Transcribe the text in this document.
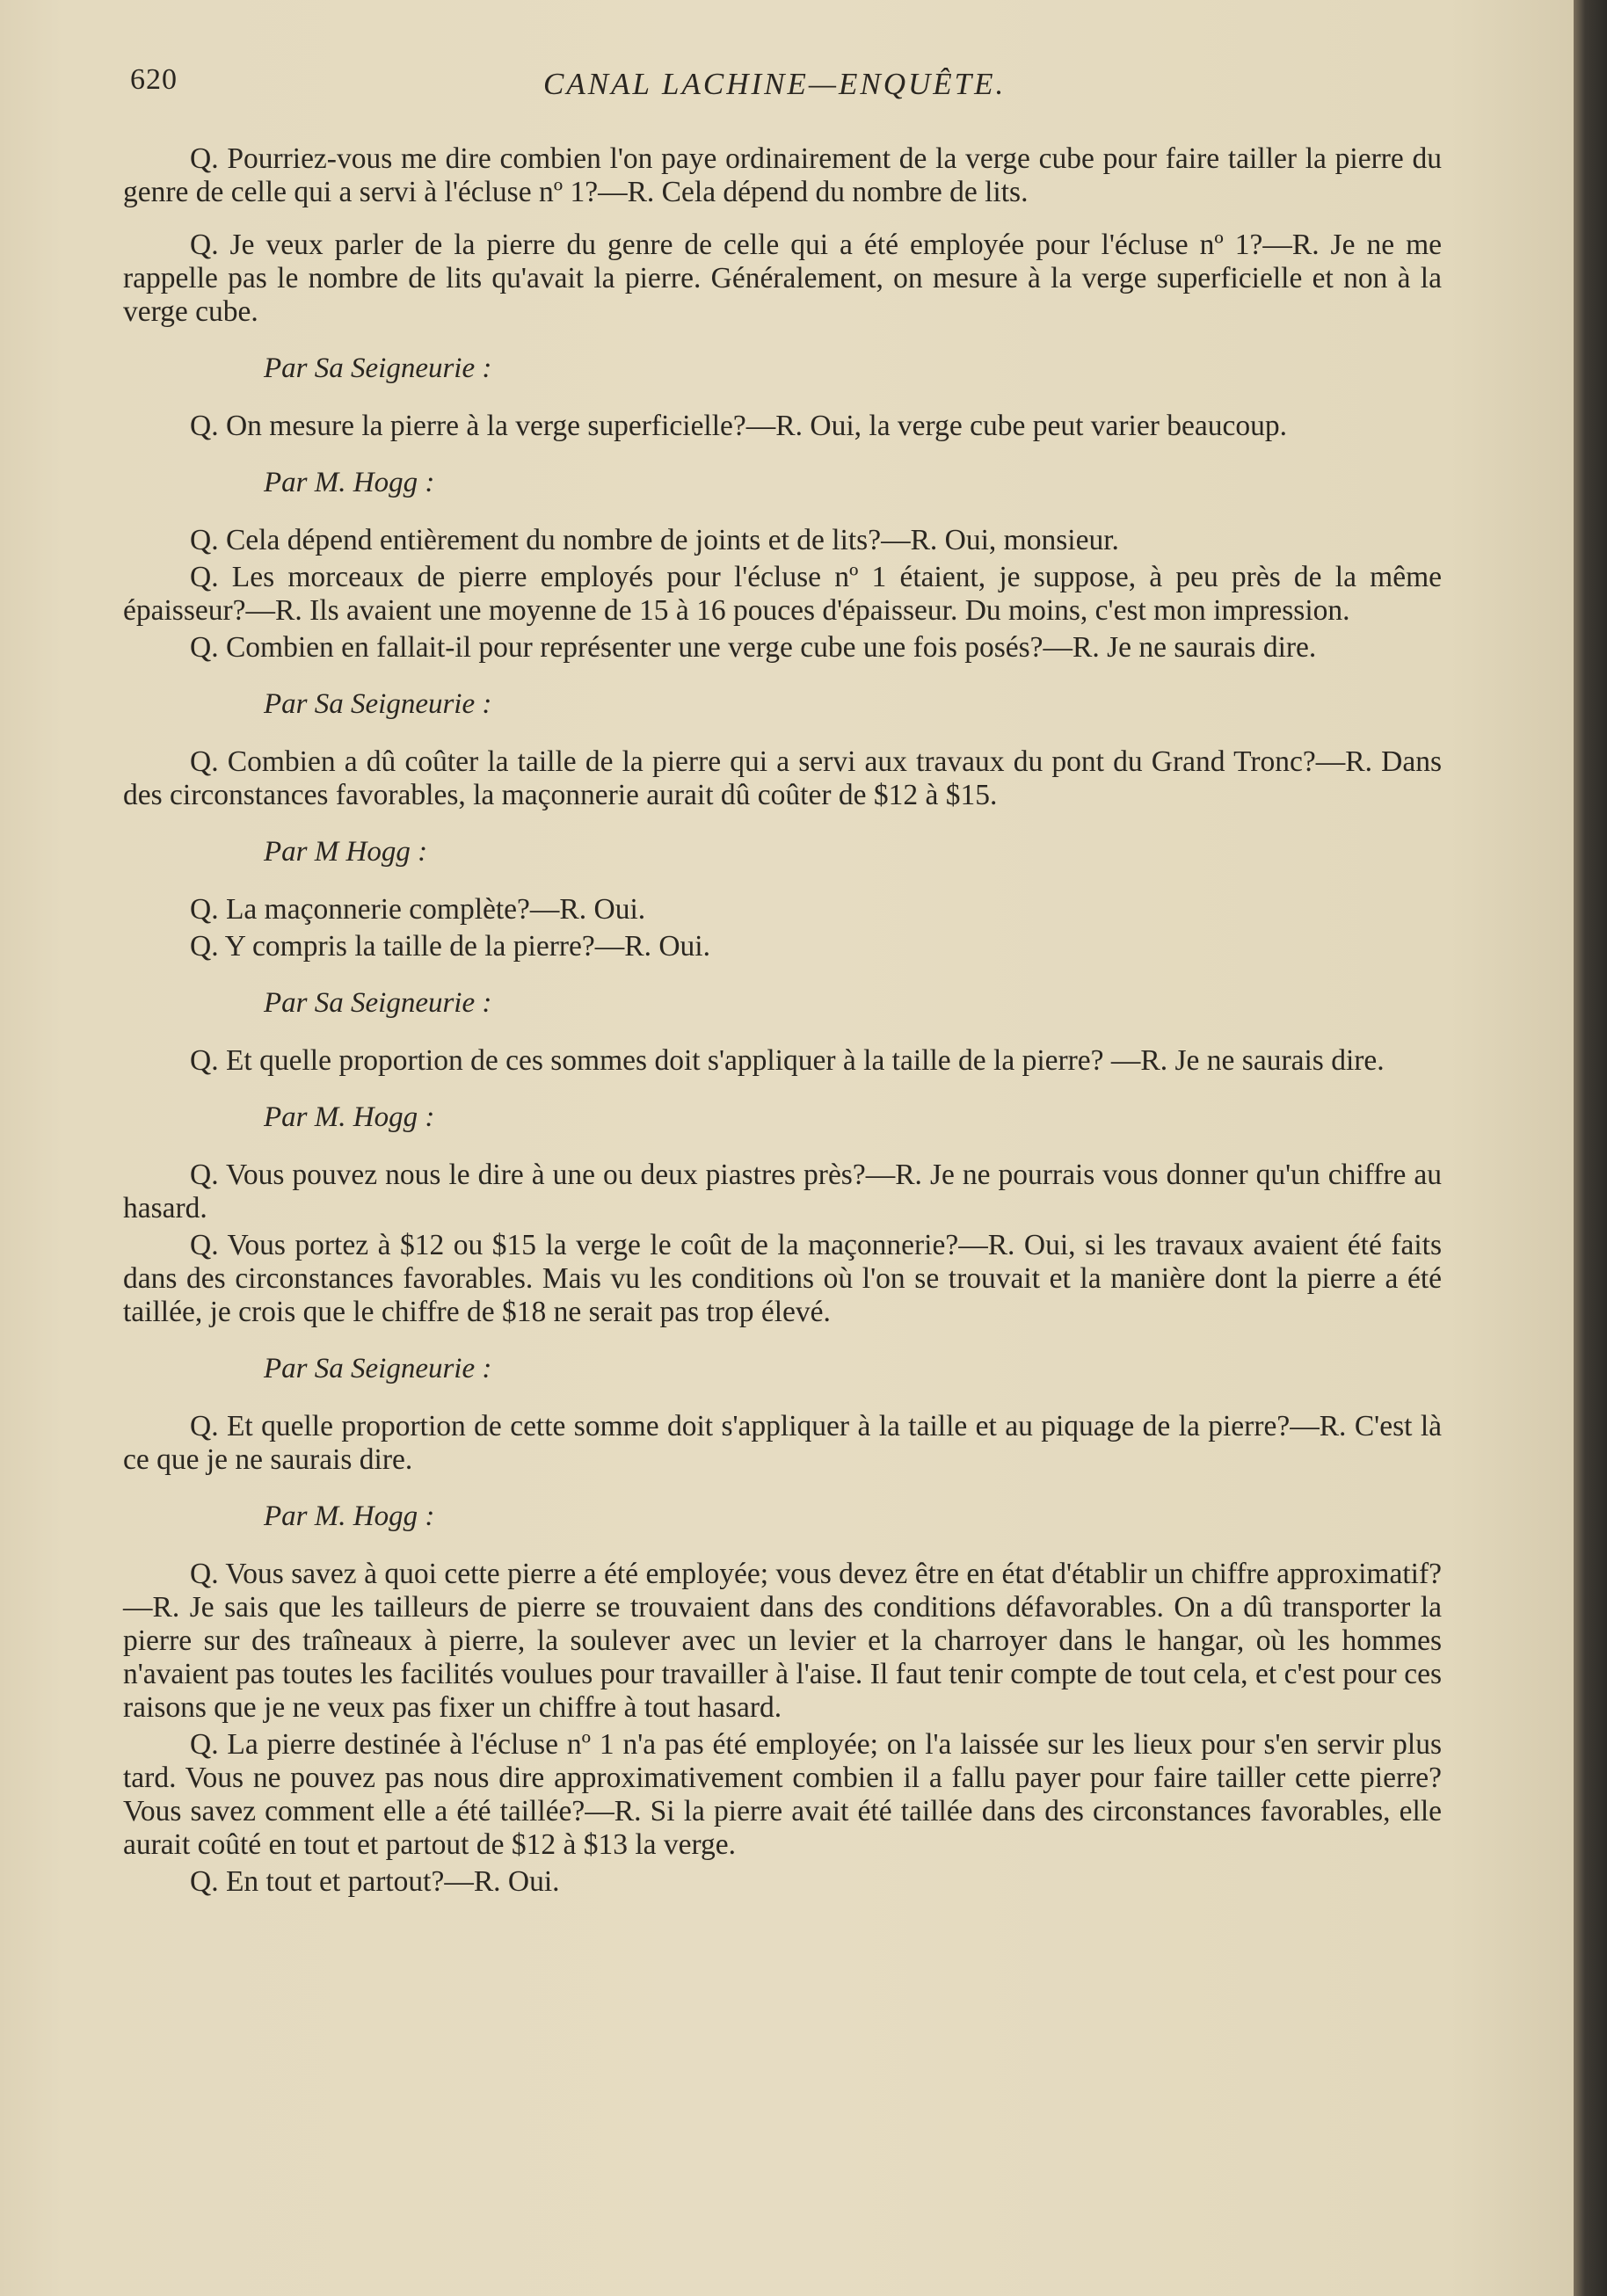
620	CANAL LACHINE—ENQUÊTE.

Q. Pourriez-vous me dire combien l'on paye ordinairement de la verge cube pour faire tailler la pierre du genre de celle qui a servi à l'écluse nº 1?—R. Cela dépend du nombre de lits.

Q. Je veux parler de la pierre du genre de celle qui a été employée pour l'écluse nº 1?—R. Je ne me rappelle pas le nombre de lits qu'avait la pierre. Généralement, on mesure à la verge superficielle et non à la verge cube.

Par Sa Seigneurie :

Q. On mesure la pierre à la verge superficielle?—R. Oui, la verge cube peut varier beaucoup.

Par M. Hogg :

Q. Cela dépend entièrement du nombre de joints et de lits?—R. Oui, monsieur.

Q. Les morceaux de pierre employés pour l'écluse nº 1 étaient, je suppose, à peu près de la même épaisseur?—R. Ils avaient une moyenne de 15 à 16 pouces d'épaisseur. Du moins, c'est mon impression.

Q. Combien en fallait-il pour représenter une verge cube une fois posés?—R. Je ne saurais dire.

Par Sa Seigneurie :

Q. Combien a dû coûter la taille de la pierre qui a servi aux travaux du pont du Grand Tronc?—R. Dans des circonstances favorables, la maçonnerie aurait dû coûter de $12 à $15.

Par M Hogg :

Q. La maçonnerie complète?—R. Oui.

Q. Y compris la taille de la pierre?—R. Oui.

Par Sa Seigneurie :

Q. Et quelle proportion de ces sommes doit s'appliquer à la taille de la pierre? —R. Je ne saurais dire.

Par M. Hogg :

Q. Vous pouvez nous le dire à une ou deux piastres près?—R. Je ne pourrais vous donner qu'un chiffre au hasard.

Q. Vous portez à $12 ou $15 la verge le coût de la maçonnerie?—R. Oui, si les travaux avaient été faits dans des circonstances favorables. Mais vu les conditions où l'on se trouvait et la manière dont la pierre a été taillée, je crois que le chiffre de $18 ne serait pas trop élevé.

Par Sa Seigneurie :

Q. Et quelle proportion de cette somme doit s'appliquer à la taille et au piquage de la pierre?—R. C'est là ce que je ne saurais dire.

Par M. Hogg :

Q. Vous savez à quoi cette pierre a été employée; vous devez être en état d'établir un chiffre approximatif?—R. Je sais que les tailleurs de pierre se trouvaient dans des conditions défavorables. On a dû transporter la pierre sur des traîneaux à pierre, la soulever avec un levier et la charroyer dans le hangar, où les hommes n'avaient pas toutes les facilités voulues pour travailler à l'aise. Il faut tenir compte de tout cela, et c'est pour ces raisons que je ne veux pas fixer un chiffre à tout hasard.

Q. La pierre destinée à l'écluse nº 1 n'a pas été employée; on l'a laissée sur les lieux pour s'en servir plus tard. Vous ne pouvez pas nous dire approximativement combien il a fallu payer pour faire tailler cette pierre? Vous savez comment elle a été taillée?—R. Si la pierre avait été taillée dans des circonstances favorables, elle aurait coûté en tout et partout de $12 à $13 la verge.

Q. En tout et partout?—R. Oui.
